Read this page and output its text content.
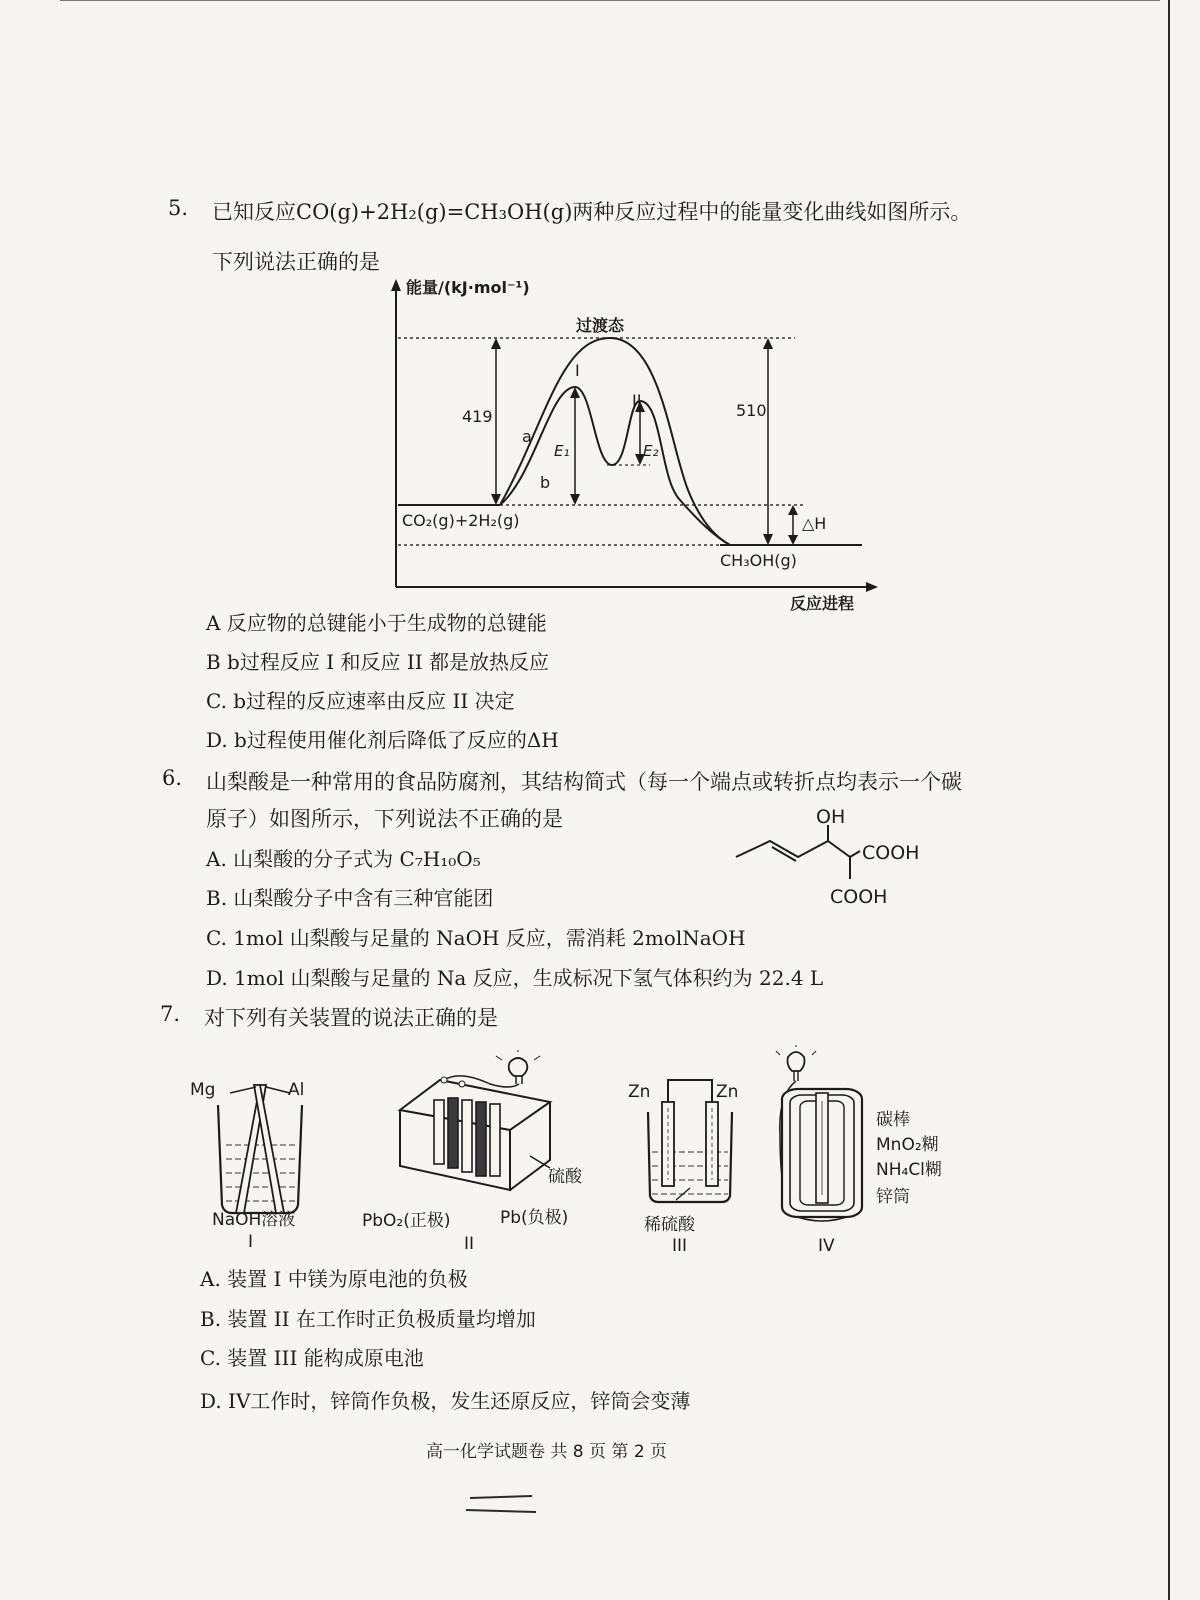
5. 已知反应CO(g)+2H₂(g)=CH₃OH(g)两种反应过程中的能量变化曲线如图所示。
下列说法正确的是
能量/(kJ·mol⁻¹)
过渡态
I
II
419	510
a
b
E₁	E₂
CO₂(g)+2H₂(g)	△H
CH₃OH(g)
反应进程
A 反应物的总键能小于生成物的总键能
B b过程反应 I 和反应 II 都是放热反应
C. b过程的反应速率由反应 II 决定
D. b过程使用催化剂后降低了反应的ΔH
6. 山梨酸是一种常用的食品防腐剂，其结构简式（每一个端点或转折点均表示一个碳
原子）如图所示，下列说法不正确的是	OH
COOH
COOH
A. 山梨酸的分子式为 C₇H₁₀O₅
B. 山梨酸分子中含有三种官能团
C. 1mol 山梨酸与足量的 NaOH 反应，需消耗 2molNaOH
D. 1mol 山梨酸与足量的 Na 反应，生成标况下氢气体积约为 22.4 L
7. 对下列有关装置的说法正确的是
Mg	Al
NaOH溶液
I
硫酸
PbO₂(正极)	Pb(负极)
II
Zn	Zn
稀硫酸
III
碳棒
MnO₂糊
NH₄Cl糊
锌筒
IV
A. 装置 I 中镁为原电池的负极
B. 装置 II 在工作时正负极质量均增加
C. 装置 III 能构成原电池
D. IV工作时，锌筒作负极，发生还原反应，锌筒会变薄
高一化学试题卷 共 8 页 第 2 页
